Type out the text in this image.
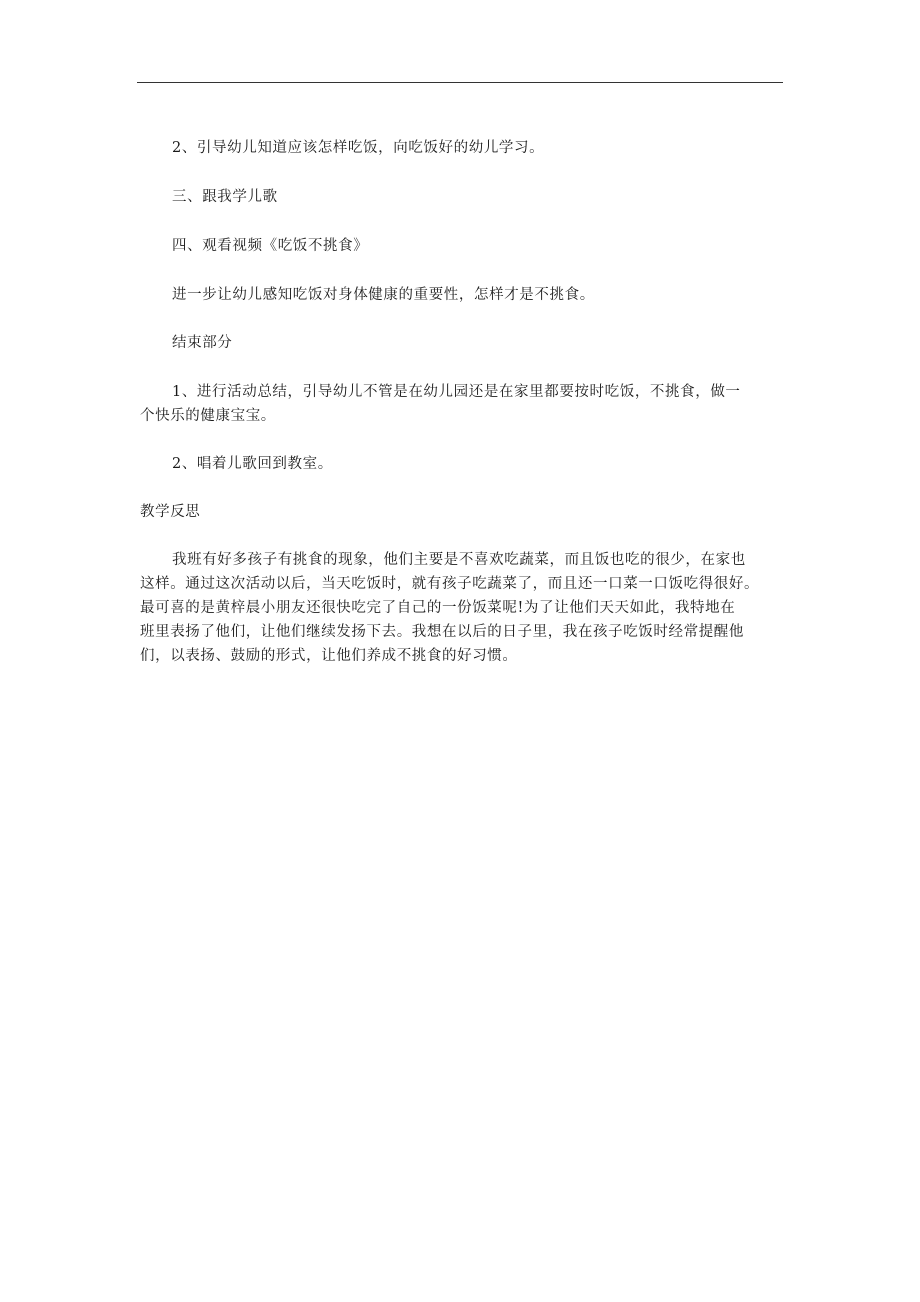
2、引导幼儿知道应该怎样吃饭，向吃饭好的幼儿学习。

三、跟我学儿歌

四、观看视频《吃饭不挑食》

进一步让幼儿感知吃饭对身体健康的重要性，怎样才是不挑食。

结束部分

1、进行活动总结，引导幼儿不管是在幼儿园还是在家里都要按时吃饭，不挑食，做一
个快乐的健康宝宝。

2、唱着儿歌回到教室。

教学反思
我班有好多孩子有挑食的现象，他们主要是不喜欢吃蔬菜，而且饭也吃的很少，在家也
这样。通过这次活动以后，当天吃饭时，就有孩子吃蔬菜了，而且还一口菜一口饭吃得很好。
最可喜的是黄梓晨小朋友还很快吃完了自己的一份饭菜呢!为了让他们天天如此，我特地在
班里表扬了他们，让他们继续发扬下去。我想在以后的日子里，我在孩子吃饭时经常提醒他
们，以表扬、鼓励的形式，让他们养成不挑食的好习惯。
